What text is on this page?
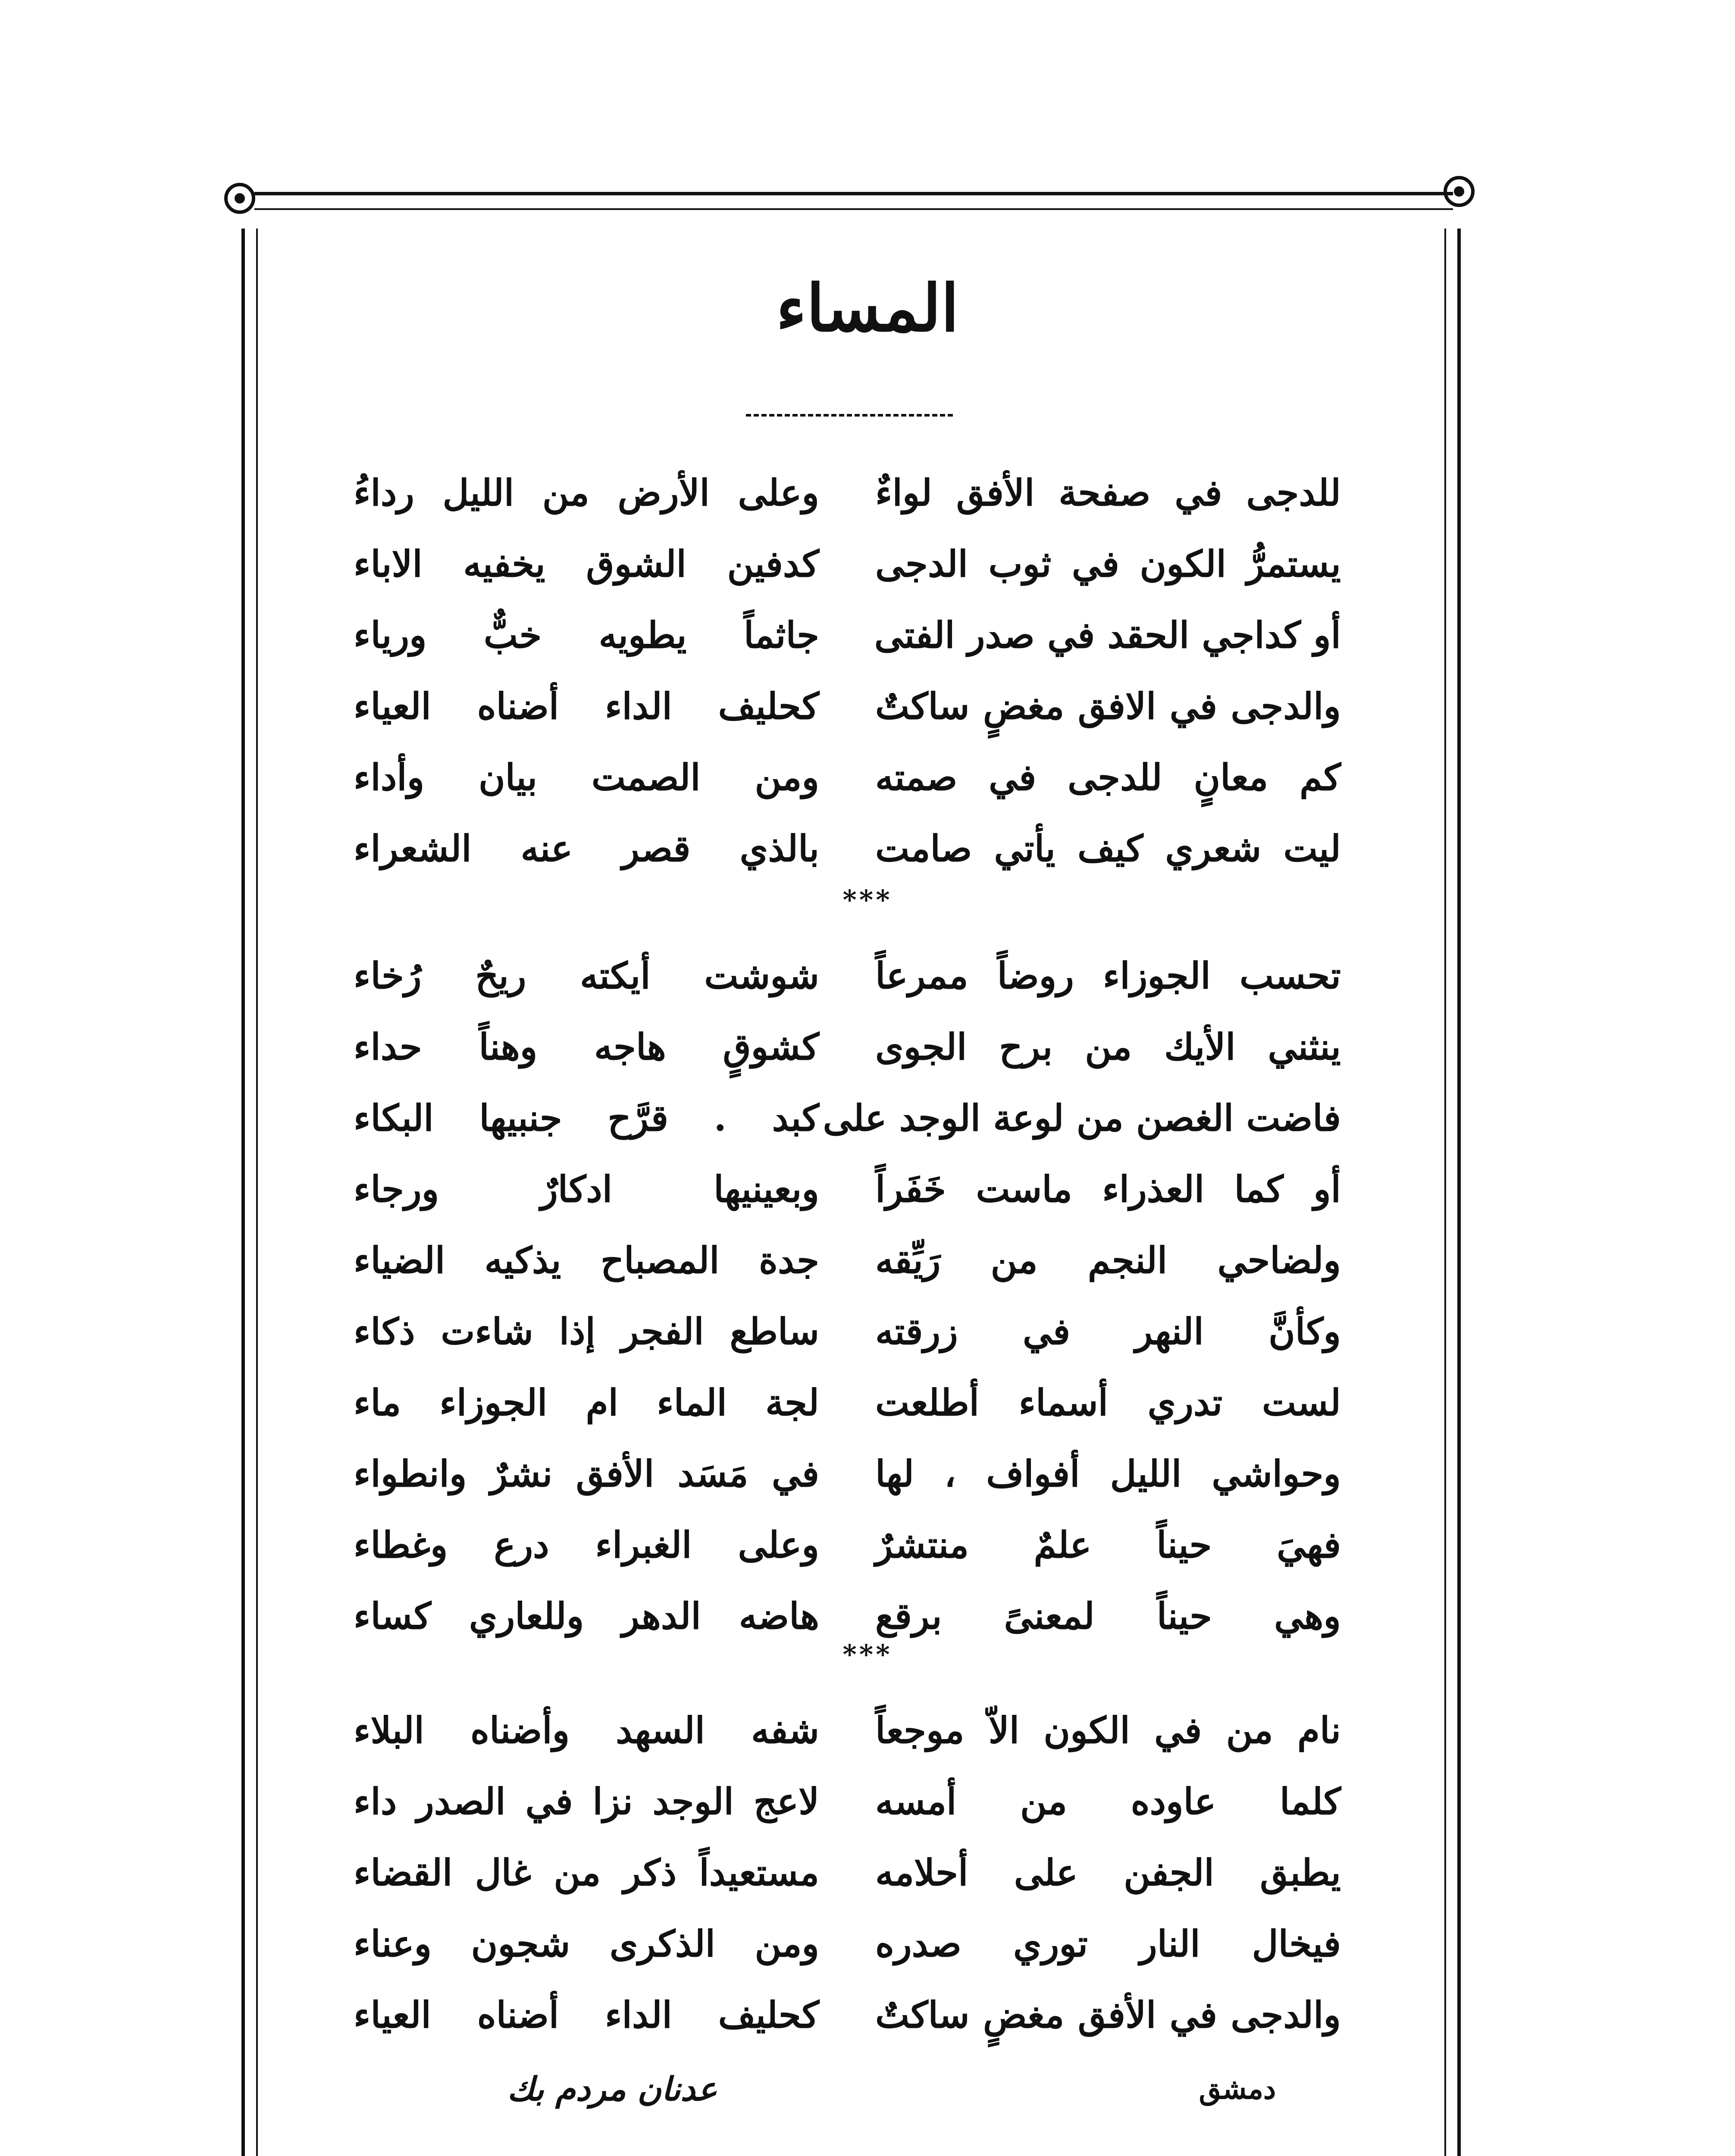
المساء
للدجى في صفحة الأفق لواءٌ
وعلى الأرض من الليل رداءُ
يستمرُّ الكون في ثوب الدجى
كدفين الشوق يخفيه الاباء
أو كداجي الحقد في صدر الفتى
جاثماً يطويه خبٌّ ورياء
والدجى في الافق مغضٍ ساكتٌ
كحليف الداء أضناه العياء
كم معانٍ للدجى في صمته
ومن الصمت بيان وأداء
ليت شعري كيف يأتي صامت
بالذي قصر عنه الشعراء
***
تحسب الجوزاء روضاً ممرعاً
شوشت أيكته ريحٌ رُخاء
ينثني الأيك من برح الجوى
كشوقٍ هاجه وهناً حداء
فاضت الغصن من لوعة الوجد على
كبد . قرَّح جنبيها البكاء
أو كما العذراء ماست خَفَراً
وبعينيها ادكارٌ ورجاء
ولضاحي النجم من رَيِّقه
جدة المصباح يذكيه الضياء
وكأنَّ النهر في زرقته
ساطع الفجر إذا شاءت ذكاء
لست تدري أسماء أطلعت
لجة الماء ام الجوزاء ماء
وحواشي الليل أفواف ، لها
في مَسَد الأفق نشرٌ وانطواء
فهيَ حيناً علمٌ منتشرٌ
وعلى الغبراء درع وغطاء
وهي حيناً لمعنىً برقع
هاضه الدهر وللعاري كساء
***
نام من في الكون الاّ موجعاً
شفه السهد وأضناه البلاء
كلما عاوده من أمسه
لاعج الوجد نزا في الصدر داء
يطبق الجفن على أحلامه
مستعيداً ذكر من غال القضاء
فيخال النار توري صدره
ومن الذكرى شجون وعناء
والدجى في الأفق مغضٍ ساكتٌ
كحليف الداء أضناه العياء
دمشق
عدنان مردم بك
